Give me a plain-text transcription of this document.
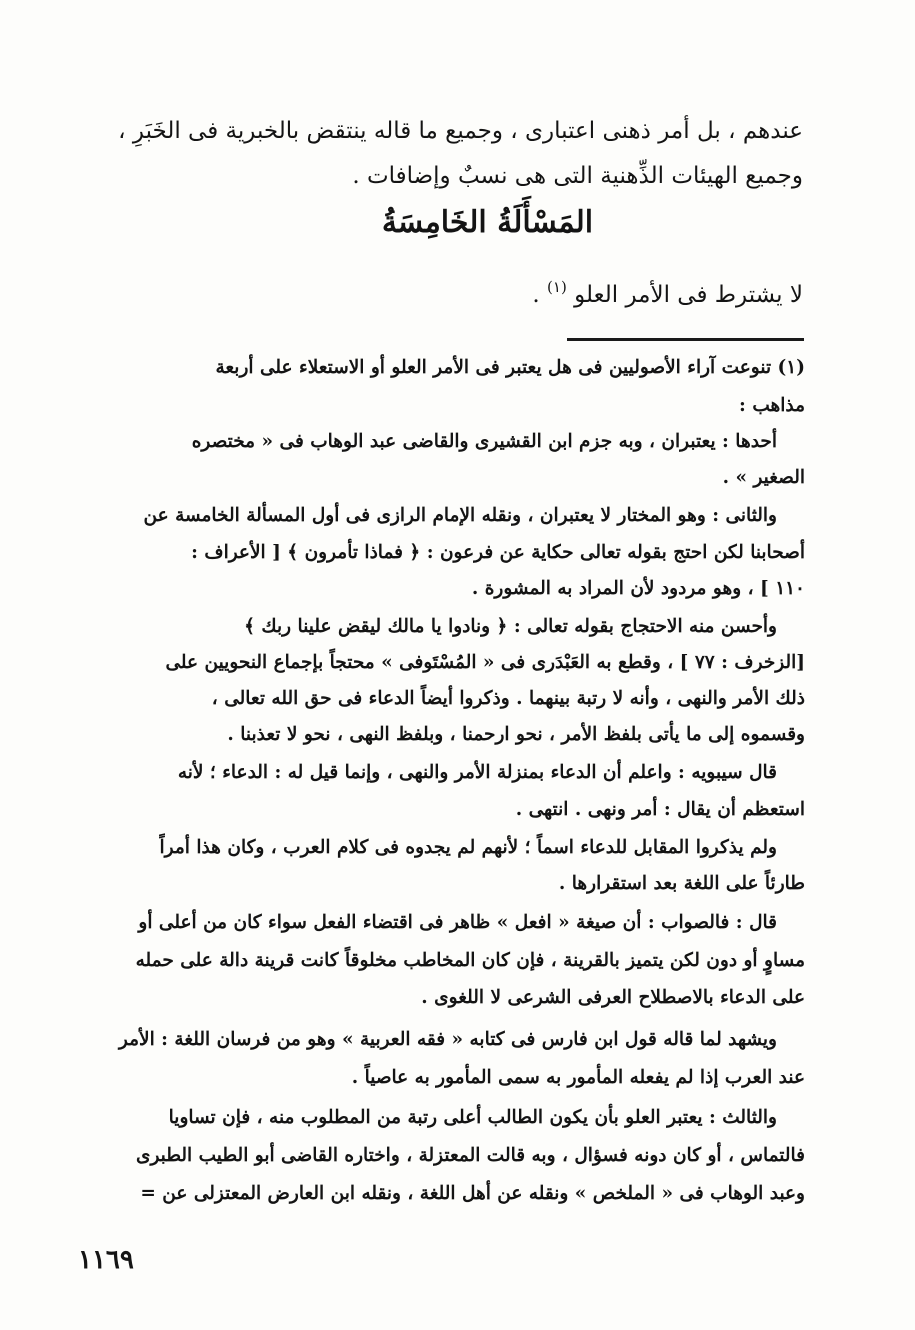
عندهم ، بل أمر ذهنى اعتبارى ، وجميع ما قاله ينتقض بالخبرية فى الخَبَرِ ،
وجميع الهيئات الذِّهنية التى هى نسبٌ وإضافات .
المَسْأَلَةُ الخَامِسَةُ
لا يشترط فى الأمر العلو $^{(١)}$ .
(١) تنوعت آراء الأصوليين فى هل يعتبر فى الأمر العلو أو الاستعلاء على أربعة
مذاهب :
أحدها : يعتبران ، وبه جزم ابن القشيرى والقاضى عبد الوهاب فى « مختصره
الصغير » .
والثانى : وهو المختار لا يعتبران ، ونقله الإمام الرازى فى أول المسألة الخامسة عن
أصحابنا لكن احتج بقوله تعالى حكاية عن فرعون : ﴿ فماذا تأمرون ﴾ [ الأعراف :
١١٠ ] ، وهو مردود لأن المراد به المشورة .
وأحسن منه الاحتجاج بقوله تعالى : ﴿ ونادوا يا مالك ليقض علينا ربك ﴾
[الزخرف : ٧٧ ] ، وقطع به العَبْدَرى فى « المُسْتَوفى » محتجاً بإجماع النحويين على
ذلك الأمر والنهى ، وأنه لا رتبة بينهما . وذكروا أيضاً الدعاء فى حق الله تعالى ،
وقسموه إلى ما يأتى بلفظ الأمر ، نحو ارحمنا ، وبلفظ النهى ، نحو لا تعذبنا .
قال سيبويه : واعلم أن الدعاء بمنزلة الأمر والنهى ، وإنما قيل له : الدعاء ؛ لأنه
استعظم أن يقال : أمر ونهى . انتهى .
ولم يذكروا المقابل للدعاء اسماً ؛ لأنهم لم يجدوه فى كلام العرب ، وكان هذا أمراً
طارئاً على اللغة بعد استقرارها .
قال : فالصواب : أن صيغة « افعل » ظاهر فى اقتضاء الفعل سواء كان من أعلى أو
مساوٍ أو دون لكن يتميز بالقرينة ، فإن كان المخاطب مخلوقاً كانت قرينة دالة على حمله
على الدعاء بالاصطلاح العرفى الشرعى لا اللغوى .
ويشهد لما قاله قول ابن فارس فى كتابه « فقه العربية » وهو من فرسان اللغة : الأمر
عند العرب إذا لم يفعله المأمور به سمى المأمور به عاصياً .
والثالث : يعتبر العلو بأن يكون الطالب أعلى رتبة من المطلوب منه ، فإن تساويا
فالتماس ، أو كان دونه فسؤال ، وبه قالت المعتزلة ، واختاره القاضى أبو الطيب الطبرى
وعبد الوهاب فى « الملخص » ونقله عن أهل اللغة ، ونقله ابن العارض المعتزلى عن =
١١٦٩
